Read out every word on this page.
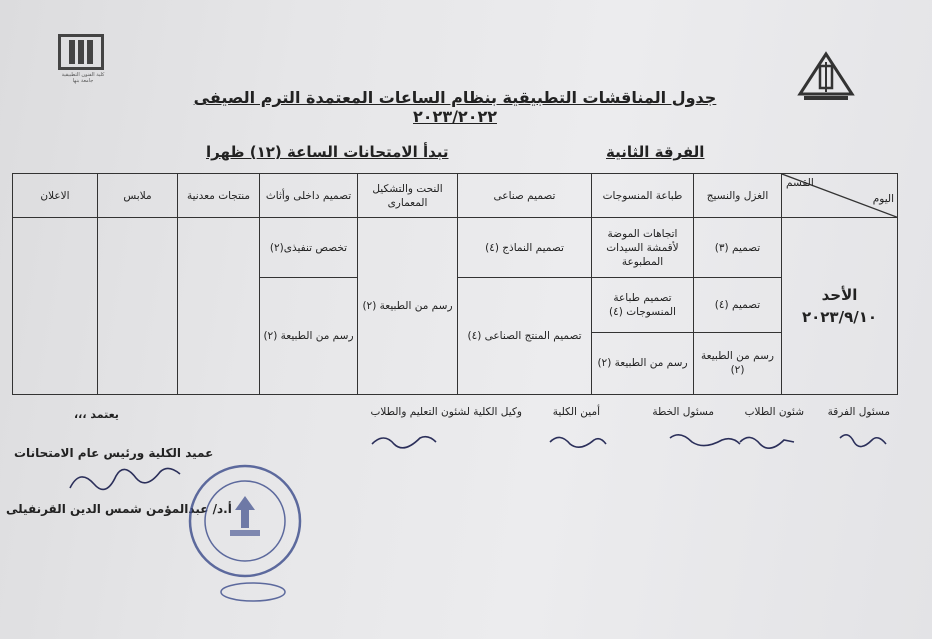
كلية الفنون التطبيقية جامعة بنها
جدول المناقشات التطبيقية بنظام الساعات المعتمدة الترم الصيفى ٢٠٢٣/٢٠٢٢
الفرقة الثانية
تبدأ الامتحانات الساعة (١٢) ظهرا
اليوم
القسم	الغزل والنسيج	طباعة المنسوجات	تصميم صناعى	النحت والتشكيل المعمارى	تصميم داخلى وأثاث	منتجات معدنية	ملابس	الاعلان

الأحد
٢٠٢٣/٩/١٠	تصميم (٣)	اتجاهات الموضة لأقمشة السيدات المطبوعة	تصميم النماذج (٤)	رسم من الطبيعة (٢)	تخصص تنفيذى(٢)			
	تصميم (٤)	تصميم طباعة المنسوجات (٤)	تصميم المنتج الصناعى (٤)		رسم من الطبيعة (٢)			
	رسم من الطبيعة (٢)	رسم من الطبيعة (٢)						
مسئول الفرقة
شئون الطلاب
مسئول الخطة
أمين الكلية
وكيل الكلية لشئون التعليم والطلاب
يعتمد ،،،
عميد الكلية ورئيس عام الامتحانات
أ.د/ عبدالمؤمن شمس الدين القرنفيلى
